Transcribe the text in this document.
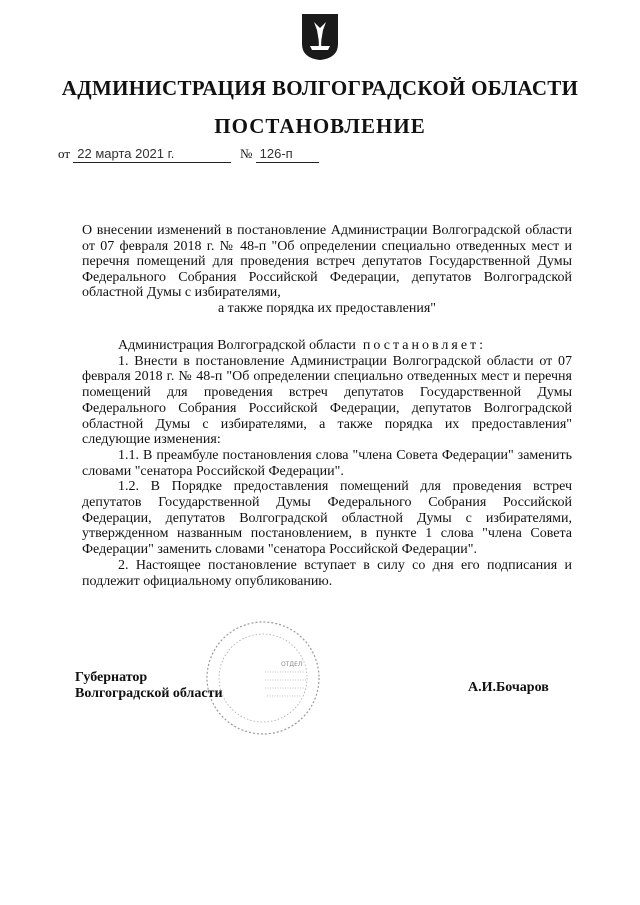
АДМИНИСТРАЦИЯ ВОЛГОГРАДСКОЙ ОБЛАСТИ
ПОСТАНОВЛЕНИЕ
от 22 марта 2021 г.	№ 126-п
О внесении изменений в постановление Администрации Волгоградской области от 07 февраля 2018 г. № 48-п "Об определении специально отведенных мест и перечня помещений для проведения встреч депутатов Государственной Думы Федерального Собрания Российской Федерации, депутатов Волгоградской областной Думы с избирателями,
а также порядка их предоставления"

Администрация Волгоградской области постановляет:

1. Внести в постановление Администрации Волгоградской области от 07 февраля 2018 г. № 48-п "Об определении специально отведенных мест и перечня помещений для проведения встреч депутатов Государственной Думы Федерального Собрания Российской Федерации, депутатов Волгоградской областной Думы с избирателями, а также порядка их предоставления" следующие изменения:

1.1. В преамбуле постановления слова "члена Совета Федерации" заменить словами "сенатора Российской Федерации".

1.2. В Порядке предоставления помещений для проведения встреч депутатов Государственной Думы Федерального Собрания Российской Федерации, депутатов Волгоградской областной Думы с избирателями, утвержденном названным постановлением, в пункте 1 слова "члена Совета Федерации" заменить словами "сенатора Российской Федерации".

2. Настоящее постановление вступает в силу со дня его подписания и подлежит официальному опубликованию.

ОТДЕЛ
Губернатор
Волгоградской области	А.И.Бочаров
